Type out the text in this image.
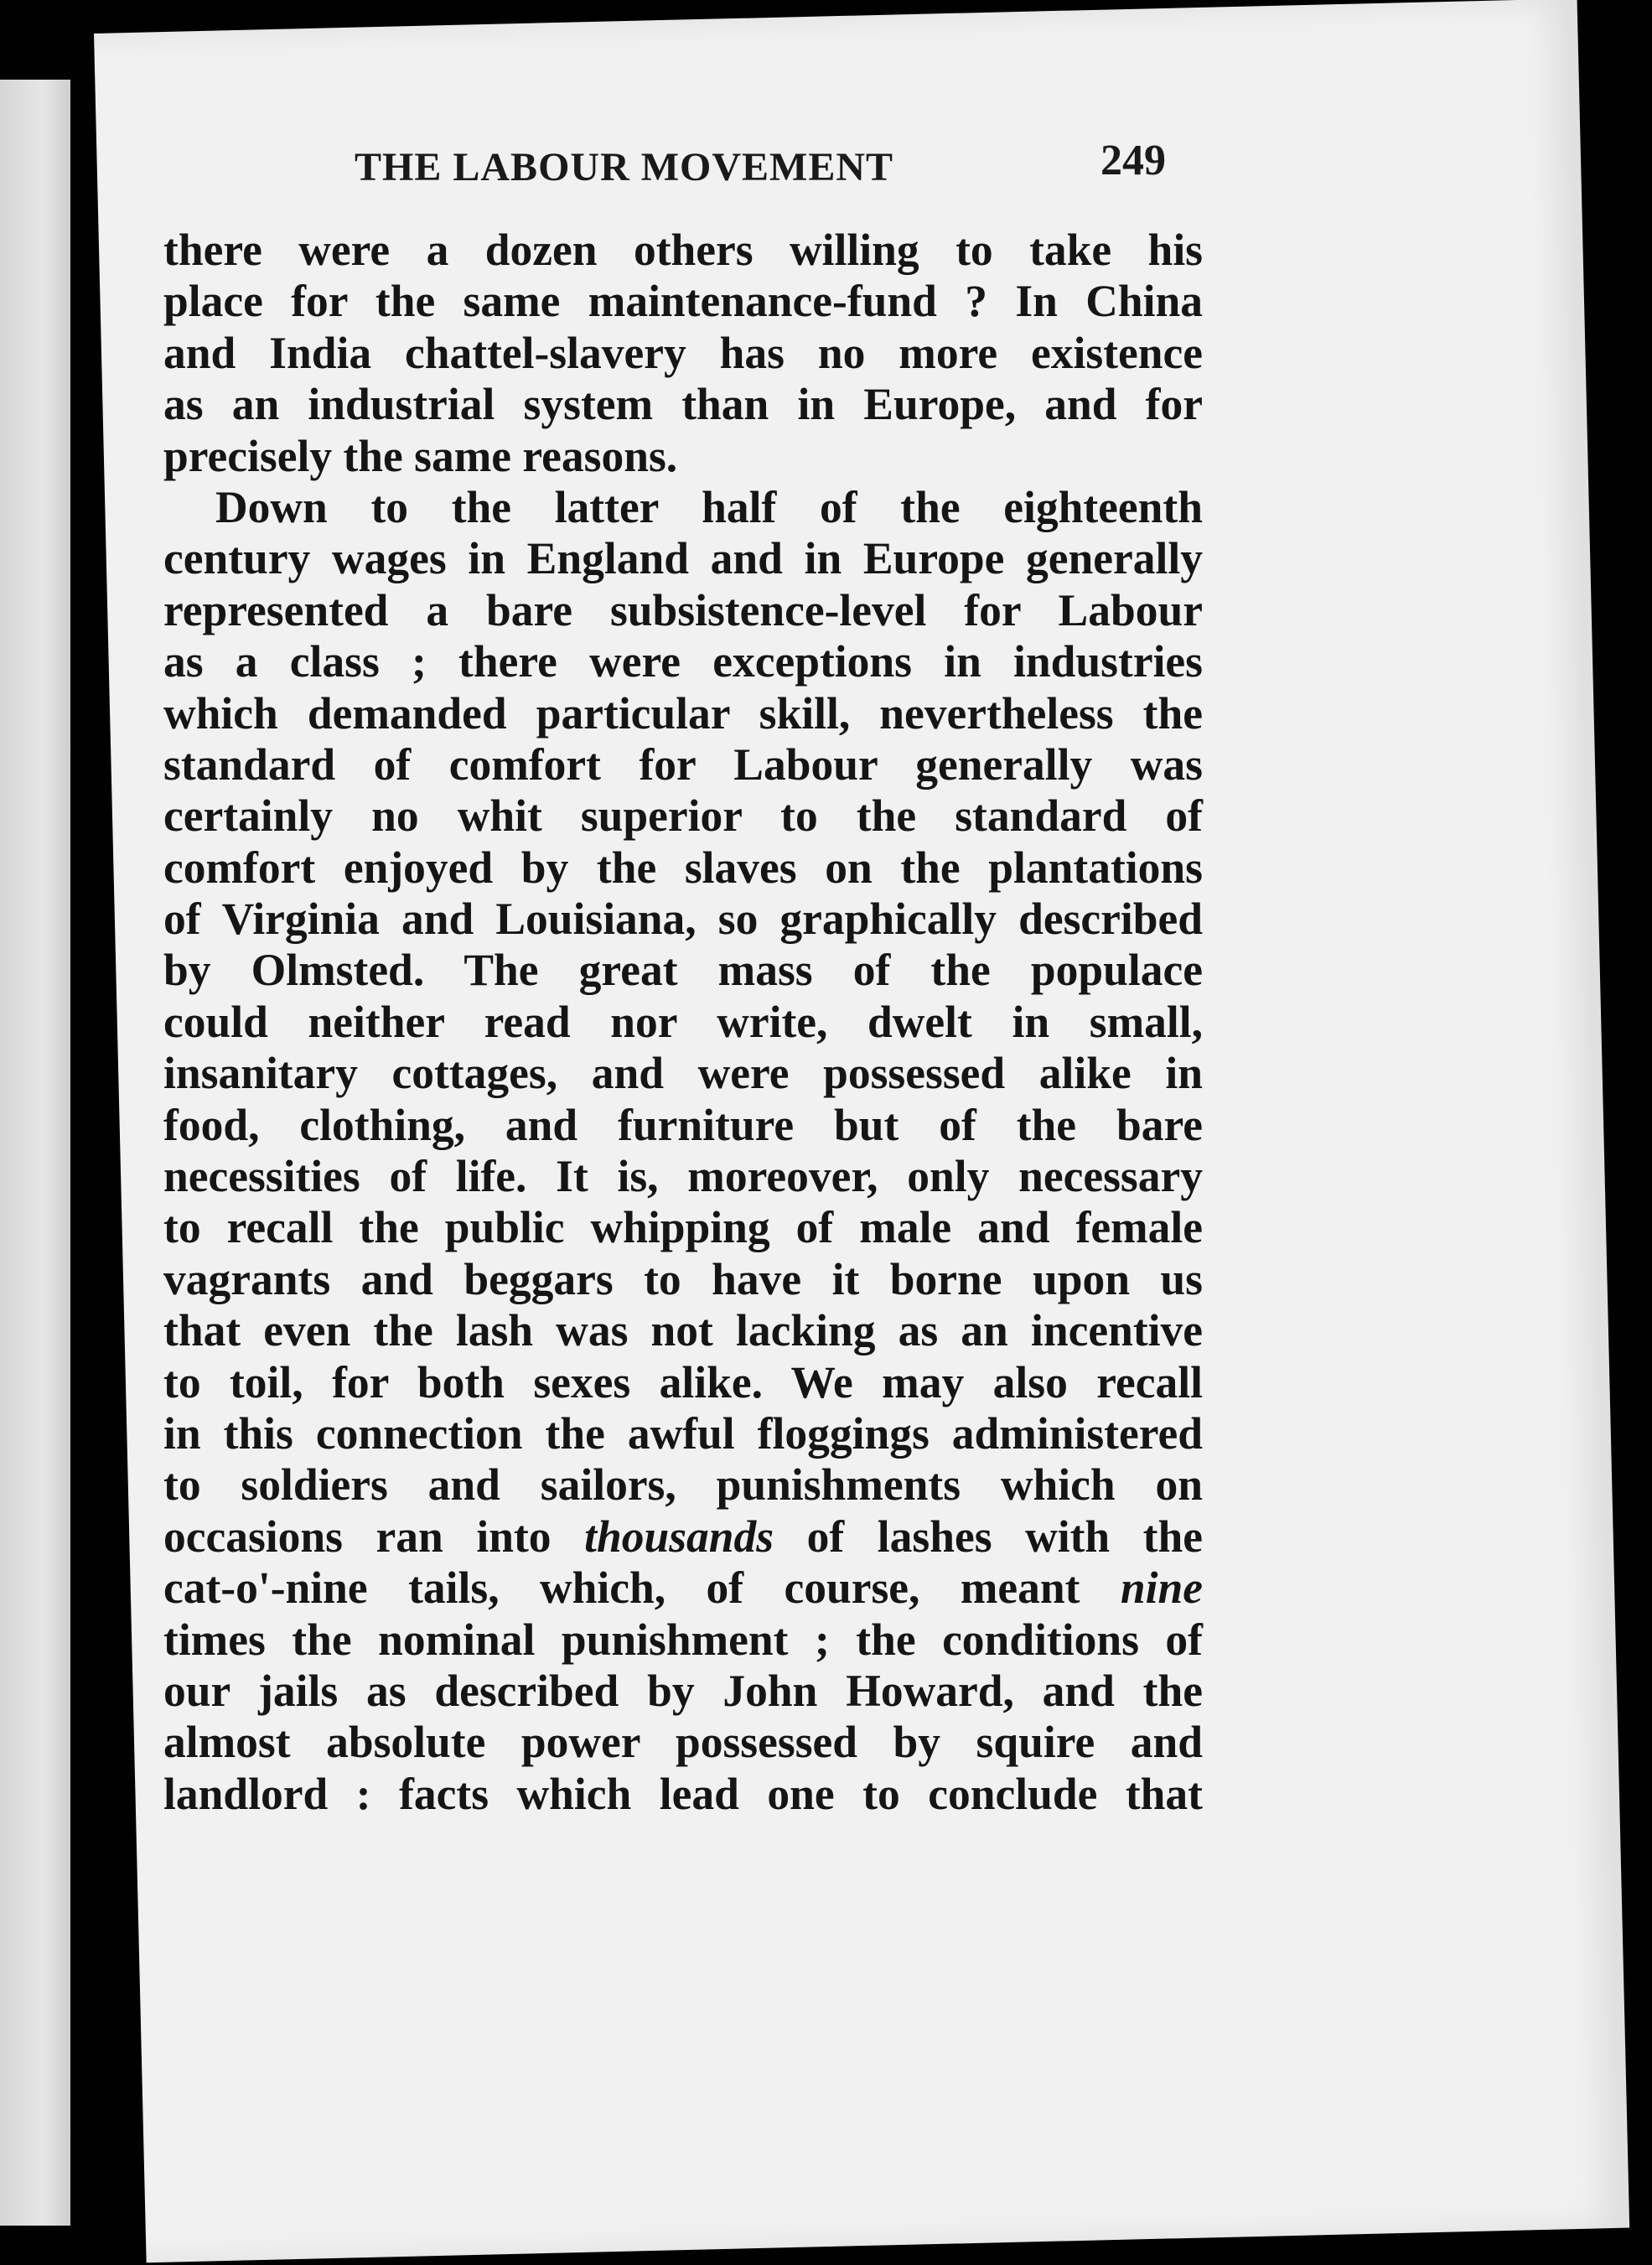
THE LABOUR MOVEMENT	249
there were a dozen others willing to take his
place for the same maintenance-fund ? In China
and India chattel-slavery has no more existence
as an industrial system than in Europe, and for
precisely the same reasons.
Down to the latter half of the eighteenth
century wages in England and in Europe generally
represented a bare subsistence-level for Labour
as a class ; there were exceptions in industries
which demanded particular skill, nevertheless the
standard of comfort for Labour generally was
certainly no whit superior to the standard of
comfort enjoyed by the slaves on the plantations
of Virginia and Louisiana, so graphically described
by Olmsted. The great mass of the populace
could neither read nor write, dwelt in small,
insanitary cottages, and were possessed alike in
food, clothing, and furniture but of the bare
necessities of life. It is, moreover, only necessary
to recall the public whipping of male and female
vagrants and beggars to have it borne upon us
that even the lash was not lacking as an incentive
to toil, for both sexes alike. We may also recall
in this connection the awful floggings administered
to soldiers and sailors, punishments which on
occasions ran into thousands of lashes with the
cat-o'-nine tails, which, of course, meant nine
times the nominal punishment ; the conditions of
our jails as described by John Howard, and the
almost absolute power possessed by squire and
landlord : facts which lead one to conclude that
